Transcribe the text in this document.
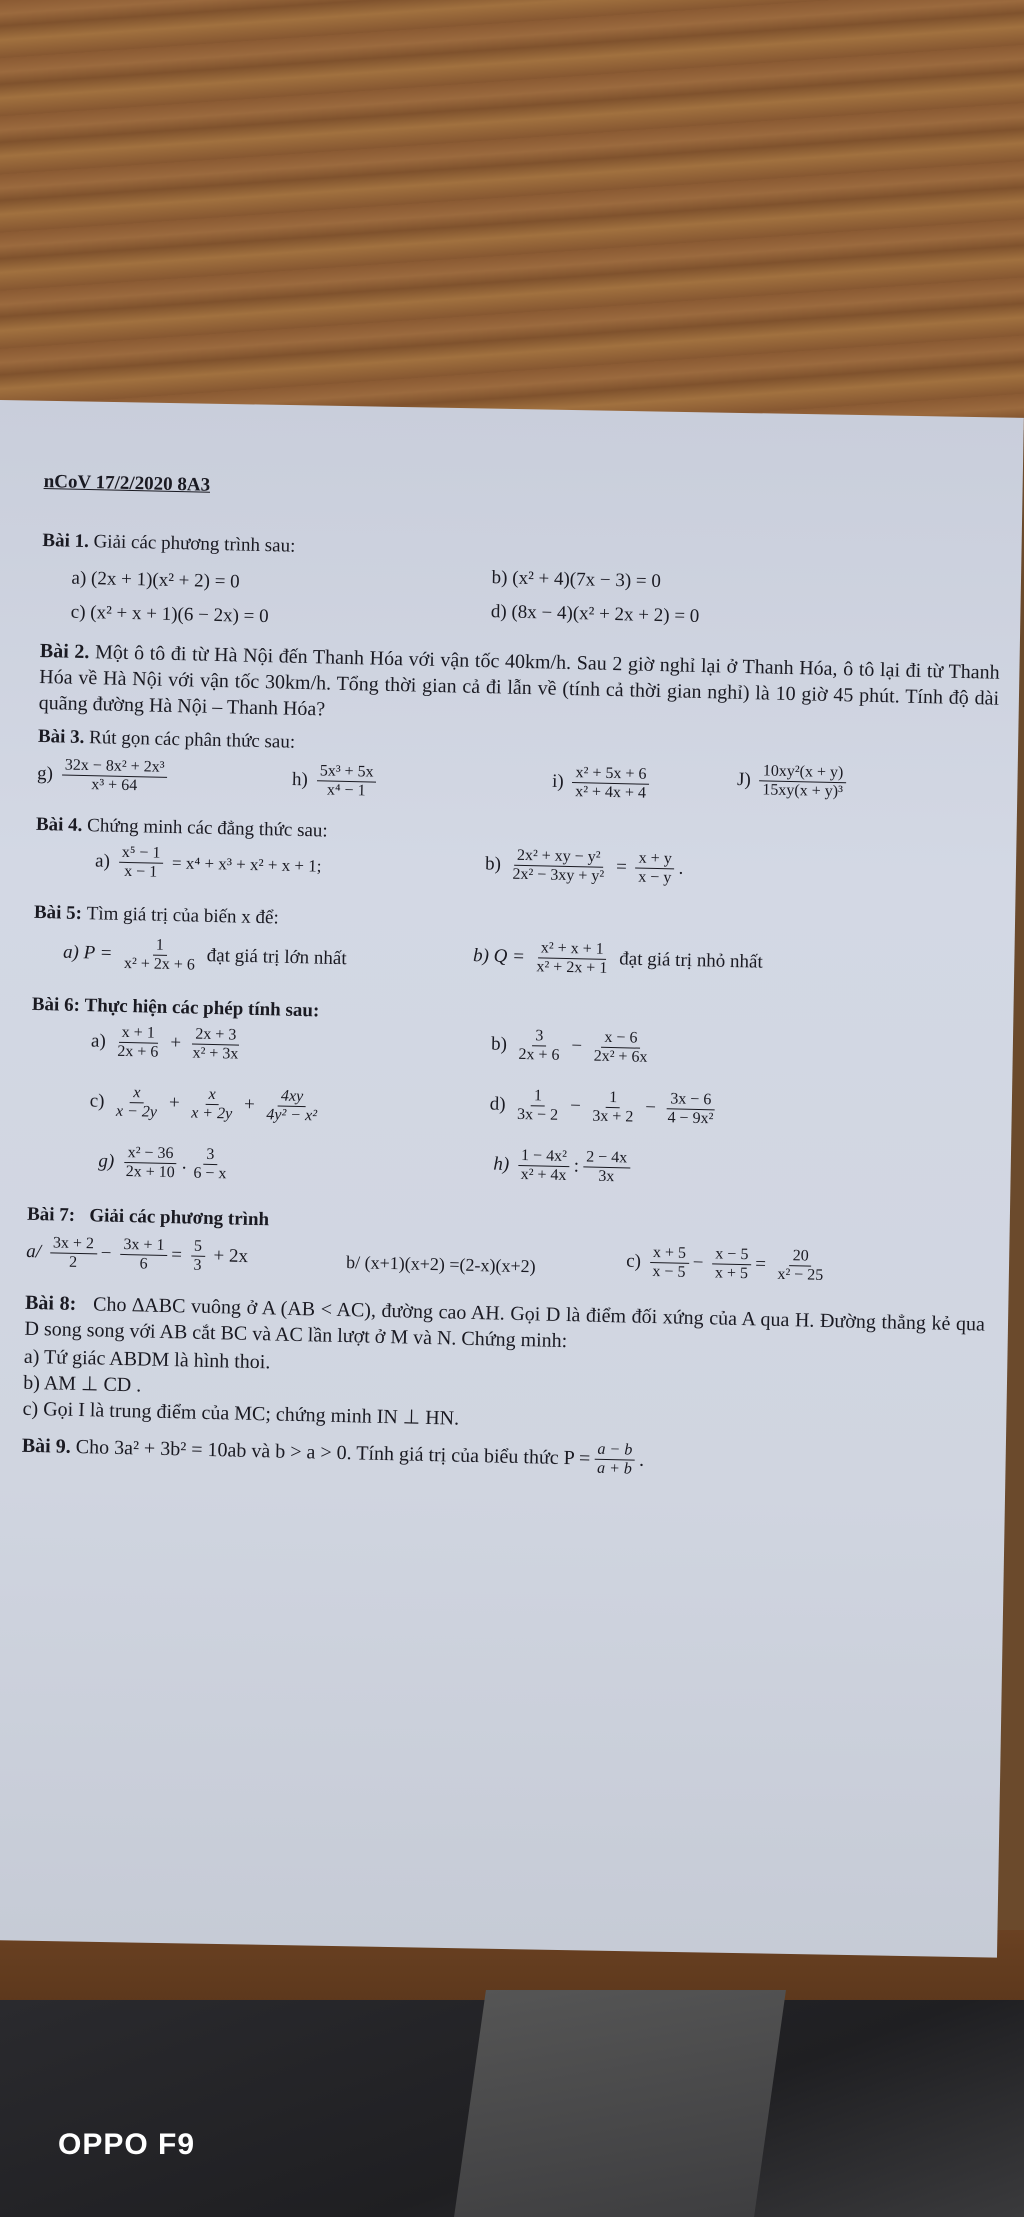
nCoV 17/2/2020 8A3
Bài 1.
Giải các phương trình sau:
a) (2x + 1)(x² + 2) = 0	b) (x² + 4)(7x − 3) = 0
c) (x² + x + 1)(6 − 2x) = 0	d) (8x − 4)(x² + 2x + 2) = 0
Bài 2. Một ô tô đi từ Hà Nội đến Thanh Hóa với vận tốc 40km/h. Sau 2 giờ nghỉ lại ở Thanh Hóa, ô tô lại đi từ Thanh Hóa về Hà Nội với vận tốc 30km/h. Tổng thời gian cả đi lẫn về (tính cả thời gian nghỉ) là 10 giờ 45 phút. Tính độ dài quãng đường Hà Nội – Thanh Hóa?
Bài 3.
Rút gọn các phân thức sau:
$g) \frac{\text{32x − 8x² + 2x³}}{\text{x³ + 64}}$	$h) \frac{\text{5x³ + 5x}}{\text{x⁴ − 1}}$	$i) \frac{\text{x² + 5x + 6}}{\text{x² + 4x + 4}}$	$J) \frac{\text{10xy²(x + y)}}{\text{15xy(x + y)³}}$
Bài 4.
Chứng minh các đẳng thức sau:
$a) \frac{\text{x⁵ − 1}}{x - 1} = x^4 + x^3 + x^2 + x + 1$;	$b) \frac{\text{2x² + xy − y²}}{\text{2x² − 3xy + y²}} = \frac{x + y}{x - y}$ .
Bài 5:
Tìm giá trị của biến x để:
a) $P = \frac{1}{\text{x² + 2x + 6}}$ đạt giá trị lớn nhất	b) $Q = \frac{\text{x² + x + 1}}{\text{x² + 2x + 1}}$ đạt giá trị nhỏ nhất
Bài 6:
Thực hiện các phép tính sau:
$a) \frac{x + 1}{2x + 6} + \frac{2x + 3}{\text{x² + 3x}}$	$b) \frac{3}{2x + 6} - \frac{x - 6}{\text{2x² + 6x}}$
$c) \frac{x}{x - 2y} + \frac{x}{x + 2y} + \frac{4xy}{\text{4y² − x²}}$	$d) \frac{1}{3x - 2} - \frac{1}{3x + 2} - \frac{3x - 6}{\text{4 − 9x²}}$
$g) \frac{\text{x² − 36}}{2x + 10}$ . $\frac{3}{6 - x}$	$h) \frac{\text{1 − 4x²}}{\text{x² + 4x}}$ : $\frac{2 - 4x}{3x}$
Bài 7:
Giải các phương trình
$a/ \frac{3x + 2}{2} - \frac{3x + 1}{6} = \frac{5}{3} + 2x$	b/ (x+1)(x+2) =(2-x)(x+2)	$c) \frac{x + 5}{x - 5} - \frac{x - 5}{x + 5} = \frac{20}{\text{x² − 25}}$
Bài 8: Cho ∆ABC vuông ở A (AB < AC), đường cao AH. Gọi D là điểm đối xứng của A qua H. Đường thẳng kẻ qua D song song với AB cắt BC và AC lần lượt ở M và N. Chứng minh:
a) Tứ giác ABDM là hình thoi.
b) AM ⊥ CD .
c) Gọi I là trung điểm của MC; chứng minh IN ⊥ HN.
Bài 9.
Cho 3a² + 3b² = 10ab và b > a > 0. Tính giá trị của biểu thức $P = \frac{a - b}{a + b}$ .
OPPO F9
